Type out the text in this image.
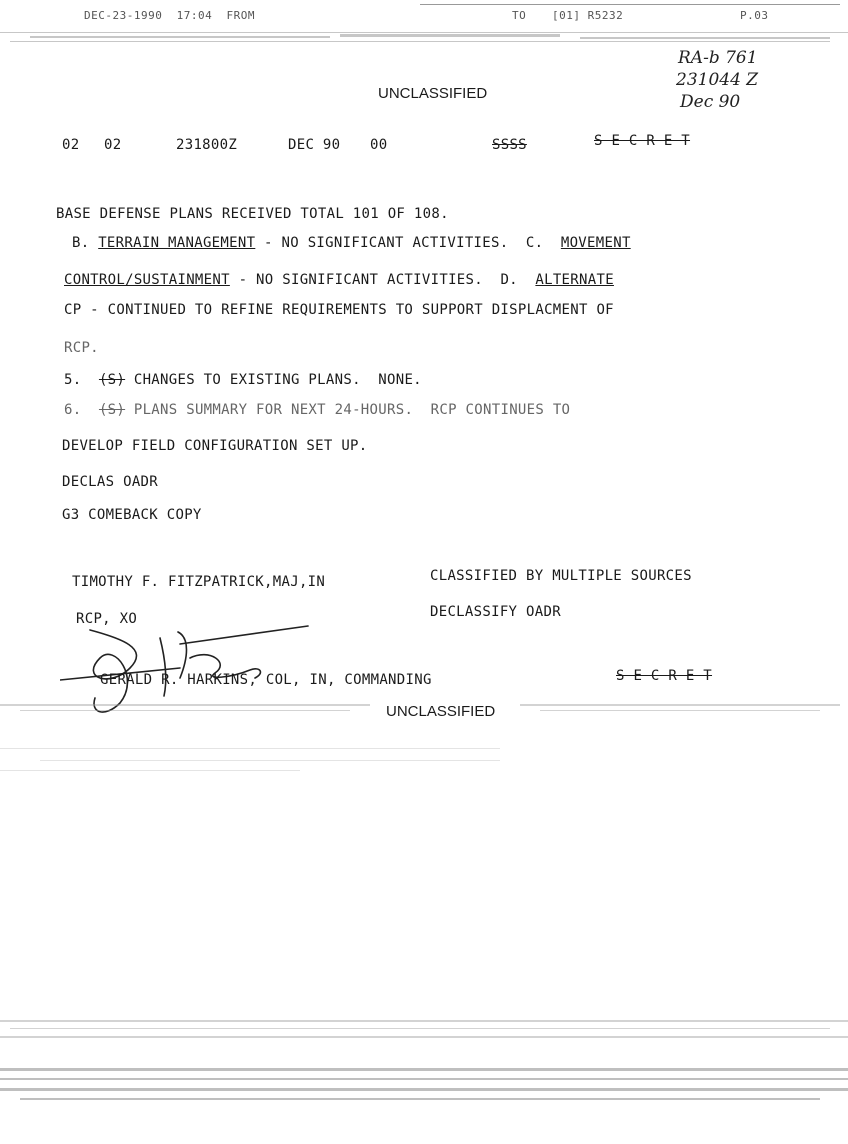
DEC-23-1990  17:04  FROM	TO [01] R5232	P.03
RA-b 761
231044 Z
Dec 90
UNCLASSIFIED
02 02	231800Z	DEC 90 00	SSSS	S E C R E T
BASE DEFENSE PLANS RECEIVED TOTAL 101 OF 108.
B. TERRAIN MANAGEMENT - NO SIGNIFICANT ACTIVITIES.  C.  MOVEMENT
CONTROL/SUSTAINMENT - NO SIGNIFICANT ACTIVITIES.  D.  ALTERNATE
CP - CONTINUED TO REFINE REQUIREMENTS TO SUPPORT DISPLACMENT OF
RCP.
5. (S) CHANGES TO EXISTING PLANS.  NONE.
6. (S) PLANS SUMMARY FOR NEXT 24-HOURS.  RCP CONTINUES TO
DEVELOP FIELD CONFIGURATION SET UP.
DECLAS OADR
G3 COMEBACK COPY
TIMOTHY F. FITZPATRICK,MAJ,IN
RCP, XO
CLASSIFIED BY MULTIPLE SOURCES
DECLASSIFY OADR
GERALD R. HARKINS, COL, IN, COMMANDING	S E C R E T
UNCLASSIFIED
